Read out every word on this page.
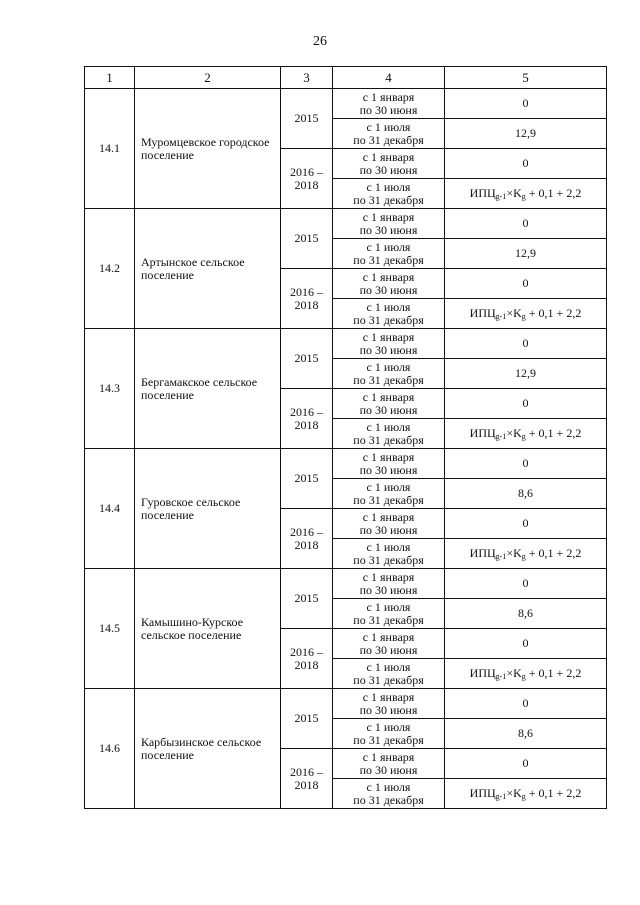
26
1	2	3	4	5
14.1	Муромцевское городское поселение	2015	с 1 января
по 30 июня	0

			с 1 июля
по 31 декабря	12,9
		2016 – 2018	с 1 января
по 30 июня	0

			с 1 июля
по 31 декабря	$ИПЦ_{g-1}\times K_g + 0,1 + 2,2$
14.2	Артынское сельское поселение	2015	с 1 января
по 30 июня	0

			с 1 июля
по 31 декабря	12,9
		2016 – 2018	с 1 января
по 30 июня	0

			с 1 июля
по 31 декабря	$ИПЦ_{g-1}\times K_g + 0,1 + 2,2$
14.3	Бергамакское сельское поселение	2015	с 1 января
по 30 июня	0

			с 1 июля
по 31 декабря	12,9
		2016 – 2018	с 1 января
по 30 июня	0

			с 1 июля
по 31 декабря	$ИПЦ_{g-1}\times K_g + 0,1 + 2,2$
14.4	Гуровское сельское поселение	2015	с 1 января
по 30 июня	0

			с 1 июля
по 31 декабря	8,6
		2016 – 2018	с 1 января
по 30 июня	0

			с 1 июля
по 31 декабря	$ИПЦ_{g-1}\times K_g + 0,1 + 2,2$
14.5	Камышино-Курское сельское поселение	2015	с 1 января
по 30 июня	0

			с 1 июля
по 31 декабря	8,6
		2016 – 2018	с 1 января
по 30 июня	0

			с 1 июля
по 31 декабря	$ИПЦ_{g-1}\times K_g + 0,1 + 2,2$
14.6	Карбызинское сельское поселение	2015	с 1 января
по 30 июня	0

			с 1 июля
по 31 декабря	8,6
		2016 – 2018	с 1 января
по 30 июня	0

			с 1 июля
по 31 декабря	$ИПЦ_{g-1}\times K_g + 0,1 + 2,2$
